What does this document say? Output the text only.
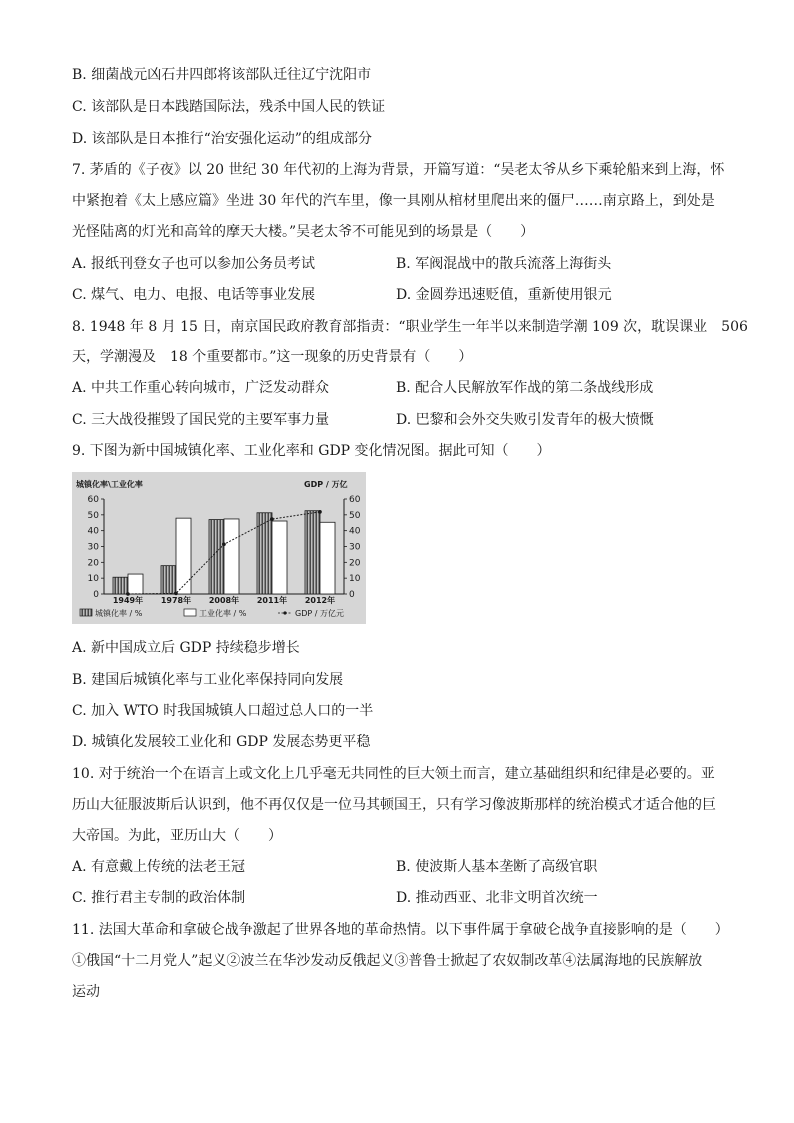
B. 细菌战元凶石井四郎将该部队迁往辽宁沈阳市
C. 该部队是日本践踏国际法，残杀中国人民的铁证
D. 该部队是日本推行“治安强化运动”的组成部分
7. 茅盾的《子夜》以 20 世纪 30 年代初的上海为背景，开篇写道：“吴老太爷从乡下乘轮船来到上海，怀
中紧抱着《太上感应篇》坐进 30 年代的汽车里，像一具刚从棺材里爬出来的僵尸……南京路上，到处是
光怪陆离的灯光和高耸的摩天大楼。”吴老太爷不可能见到的场景是（　　）
A. 报纸刊登女子也可以参加公务员考试	B. 军阀混战中的散兵流落上海街头
C. 煤气、电力、电报、电话等事业发展	D. 金圆券迅速贬值，重新使用银元
8. 1948 年 8 月 15 日，南京国民政府教育部指责：“职业学生一年半以来制造学潮 109 次，耽误课业　506
天，学潮漫及　18 个重要都市。”这一现象的历史背景有（　　）
A. 中共工作重心转向城市，广泛发动群众	B. 配合人民解放军作战的第二条战线形成
C. 三大战役摧毁了国民党的主要军事力量	D. 巴黎和会外交失败引发青年的极大愤慨
9. 下图为新中国城镇化率、工业化率和 GDP 变化情况图。据此可知（　　）
城镇化率\工业化率	GDP / 万亿
60
50
40
30
20
10
0
60
50
40
30
20
10
0
1949年 1978年 2008年 2011年 2012年
城镇化率 / %	工业化率 / %	GDP / 万亿元
A. 新中国成立后 GDP 持续稳步增长
B. 建国后城镇化率与工业化率保持同向发展
C. 加入 WTO 时我国城镇人口超过总人口的一半
D. 城镇化发展较工业化和 GDP 发展态势更平稳
10. 对于统治一个在语言上或文化上几乎毫无共同性的巨大领土而言，建立基础组织和纪律是必要的。亚
历山大征服波斯后认识到，他不再仅仅是一位马其顿国王，只有学习像波斯那样的统治模式才适合他的巨
大帝国。为此，亚历山大（　　）
A. 有意戴上传统的法老王冠	B. 使波斯人基本垄断了高级官职
C. 推行君主专制的政治体制	D. 推动西亚、北非文明首次统一
11. 法国大革命和拿破仑战争激起了世界各地的革命热情。以下事件属于拿破仑战争直接影响的是（　　）
①俄国“十二月党人”起义②波兰在华沙发动反俄起义③普鲁士掀起了农奴制改革④法属海地的民族解放
运动
